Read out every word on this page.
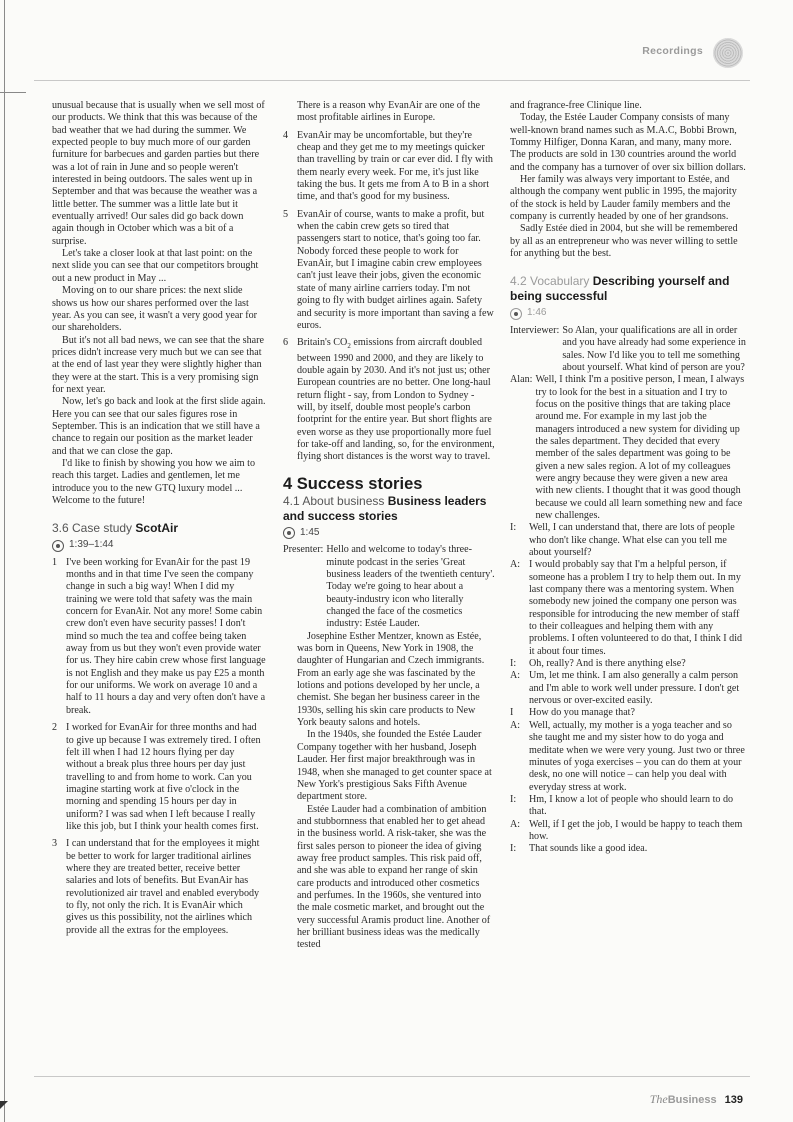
Recordings

unusual because that is usually when we sell most of our products. We think that this was because of the bad weather that we had during the summer. We expected people to buy much more of our garden furniture for barbecues and garden parties but there was a lot of rain in June and so people weren't interested in being outdoors. The sales went up in September and that was because the weather was a little better. The summer was a little late but it eventually arrived! Our sales did go back down again though in October which was a bit of a surprise.

Let's take a closer look at that last point: on the next slide you can see that our competitors brought out a new product in May ...

Moving on to our share prices: the next slide shows us how our shares performed over the last year. As you can see, it wasn't a very good year for our shareholders.

But it's not all bad news, we can see that the share prices didn't increase very much but we can see that at the end of last year they were slightly higher than they were at the start. This is a very promising sign for next year.

Now, let's go back and look at the first slide again. Here you can see that our sales figures rose in September. This is an indication that we still have a chance to regain our position as the market leader and that we can close the gap.

I'd like to finish by showing you how we aim to reach this target. Ladies and gentlemen, let me introduce you to the new GTQ luxury model ... Welcome to the future!

3.6 Case study ScotAir
1:39–1:44
1 I've been working for EvanAir for the past 19 months and in that time I've seen the company change in such a big way! When I did my training we were told that safety was the main concern for EvanAir. Not any more! Some cabin crew don't even have security passes! I don't mind so much the tea and coffee being taken away from us but they won't even provide water for us. They hire cabin crew whose first language is not English and they make us pay £25 a month for our uniforms. We work on average 10 and a half to 11 hours a day and very often don't have a break.
2 I worked for EvanAir for three months and had to give up because I was extremely tired. I often felt ill when I had 12 hours flying per day without a break plus three hours per day just travelling to and from home to work. Can you imagine starting work at five o'clock in the morning and spending 15 hours per day in uniform? I was sad when I left because I really like this job, but I think your health comes first.
3 I can understand that for the employees it might be better to work for larger traditional airlines where they are treated better, receive better salaries and lots of benefits. But EvanAir has revolutionized air travel and enabled everybody to fly, not only the rich. It is EvanAir which gives us this possibility, not the airlines which provide all the extras for the employees.

There is a reason why EvanAir are one of the most profitable airlines in Europe.

4 EvanAir may be uncomfortable, but they're cheap and they get me to my meetings quicker than travelling by train or car ever did. I fly with them nearly every week. For me, it's just like taking the bus. It gets me from A to B in a short time, and that's good for my business.
5 EvanAir of course, wants to make a profit, but when the cabin crew gets so tired that passengers start to notice, that's going too far. Nobody forced these people to work for EvanAir, but I imagine cabin crew employees can't just leave their jobs, given the economic state of many airline carriers today. I'm not going to fly with budget airlines again. Safety and security is more important than saving a few euros.
6 Britain's $CO_2$ emissions from aircraft doubled between 1990 and 2000, and they are likely to double again by 2030. And it's not just us; other European countries are no better. One long-haul return flight - say, from London to Sydney - will, by itself, double most people's carbon footprint for the entire year. But short flights are even worse as they use proportionally more fuel for take-off and landing, so, for the environment, flying short distances is the worst way to travel.
4 Success stories
4.1 About business Business leaders and success stories
1:45
Presenter: Hello and welcome to today's three-minute podcast in the series 'Great business leaders of the twentieth century'. Today we're going to hear about a beauty-industry icon who literally changed the face of the cosmetics industry: Estée Lauder.

Josephine Esther Mentzer, known as Estée, was born in Queens, New York in 1908, the daughter of Hungarian and Czech immigrants. From an early age she was fascinated by the lotions and potions developed by her uncle, a chemist. She began her business career in the 1930s, selling his skin care products to New York beauty salons and hotels.

In the 1940s, she founded the Estée Lauder Company together with her husband, Joseph Lauder. Her first major breakthrough was in 1948, when she managed to get counter space at New York's prestigious Saks Fifth Avenue department store.

Estée Lauder had a combination of ambition and stubbornness that enabled her to get ahead in the business world. A risk-taker, she was the first sales person to pioneer the idea of giving away free product samples. This risk paid off, and she was able to expand her range of skin care products and introduced other cosmetics and perfumes. In the 1960s, she ventured into the male cosmetic market, and brought out the very successful Aramis product line. Another of her brilliant business ideas was the medically tested

and fragrance-free Clinique line.

Today, the Estée Lauder Company consists of many well-known brand names such as M.A.C, Bobbi Brown, Tommy Hilfiger, Donna Karan, and many, many more. The products are sold in 130 countries around the world and the company has a turnover of over six billion dollars.

Her family was always very important to Estée, and although the company went public in 1995, the majority of the stock is held by Lauder family members and the company is currently headed by one of her grandsons.

Sadly Estée died in 2004, but she will be remembered by all as an entrepreneur who was never willing to settle for anything but the best.

4.2 Vocabulary Describing yourself and being successful
1:46
Interviewer: So Alan, your qualifications are all in order and you have already had some experience in sales. Now I'd like you to tell me something about yourself. What kind of person are you?
Alan: Well, I think I'm a positive person, I mean, I always try to look for the best in a situation and I try to focus on the positive things that are taking place around me. For example in my last job the managers introduced a new system for dividing up the sales department. They decided that every member of the sales department was going to be given a new sales region. A lot of my colleagues were angry because they were given a new area with new clients. I thought that it was good though because we could all learn something new and face new challenges.
I:	Well, I can understand that, there are lots of people who don't like change. What else can you tell me about yourself?
A: I would probably say that I'm a helpful person, if someone has a problem I try to help them out. In my last company there was a mentoring system. When somebody new joined the company one person was responsible for introducing the new member of staff to their colleagues and helping them with any problems. I often volunteered to do that, I think I did it about four times.
I:	Oh, really? And is there anything else?
A: Um, let me think. I am also generally a calm person and I'm able to work well under pressure. I don't get nervous or over-excited easily.
I	How do you manage that?
A: Well, actually, my mother is a yoga teacher and so she taught me and my sister how to do yoga and meditate when we were very young. Just two or three minutes of yoga exercises – you can do them at your desk, no one will notice – can help you deal with everyday stress at work.
I:	Hm, I know a lot of people who should learn to do that.
A: Well, if I get the job, I would be happy to teach them how.
I:	That sounds like a good idea.
TheBusiness 139
